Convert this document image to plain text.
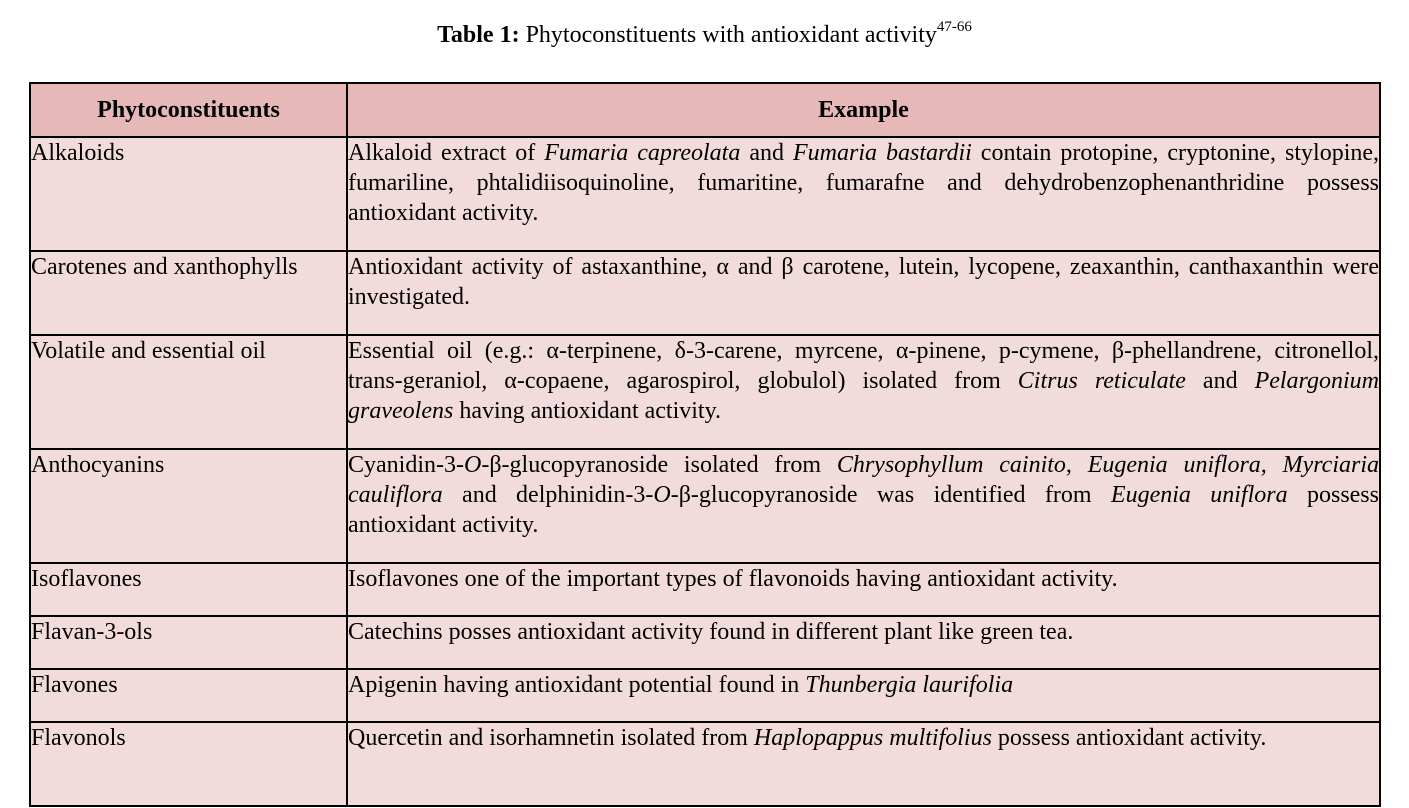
Table 1: Phytoconstituents with antioxidant activity$^{47-66}$
Phytoconstituents	Example
Alkaloids	Alkaloid extract of Fumaria capreolata and Fumaria bastardii contain protopine, cryptonine, stylopine, fumariline, phtalidiisoquinoline, fumaritine, fumarafne and dehydrobenzophenanthridine possess antioxidant activity.
Carotenes and xanthophylls	Antioxidant activity of astaxanthine, α and β carotene, lutein, lycopene, zeaxanthin, canthaxanthin were investigated.
Volatile and essential oil	Essential oil (e.g.: α-terpinene, δ-3-carene, myrcene, α-pinene, p-cymene, β-phellandrene, citronellol, trans-geraniol, α-copaene, agarospirol, globulol) isolated from Citrus reticulate and Pelargonium graveolens having antioxidant activity.
Anthocyanins	Cyanidin-3-O-β-glucopyranoside isolated from Chrysophyllum cainito, Eugenia uniflora, Myrciaria cauliflora and delphinidin-3-O-β-glucopyranoside was identified from Eugenia uniflora possess antioxidant activity.
Isoflavones	Isoflavones one of the important types of flavonoids having antioxidant activity.
Flavan-3-ols	Catechins posses antioxidant activity found in different plant like green tea.
Flavones	Apigenin having antioxidant potential found in Thunbergia laurifolia
Flavonols	Quercetin and isorhamnetin isolated from Haplopappus multifolius possess antioxidant activity.
